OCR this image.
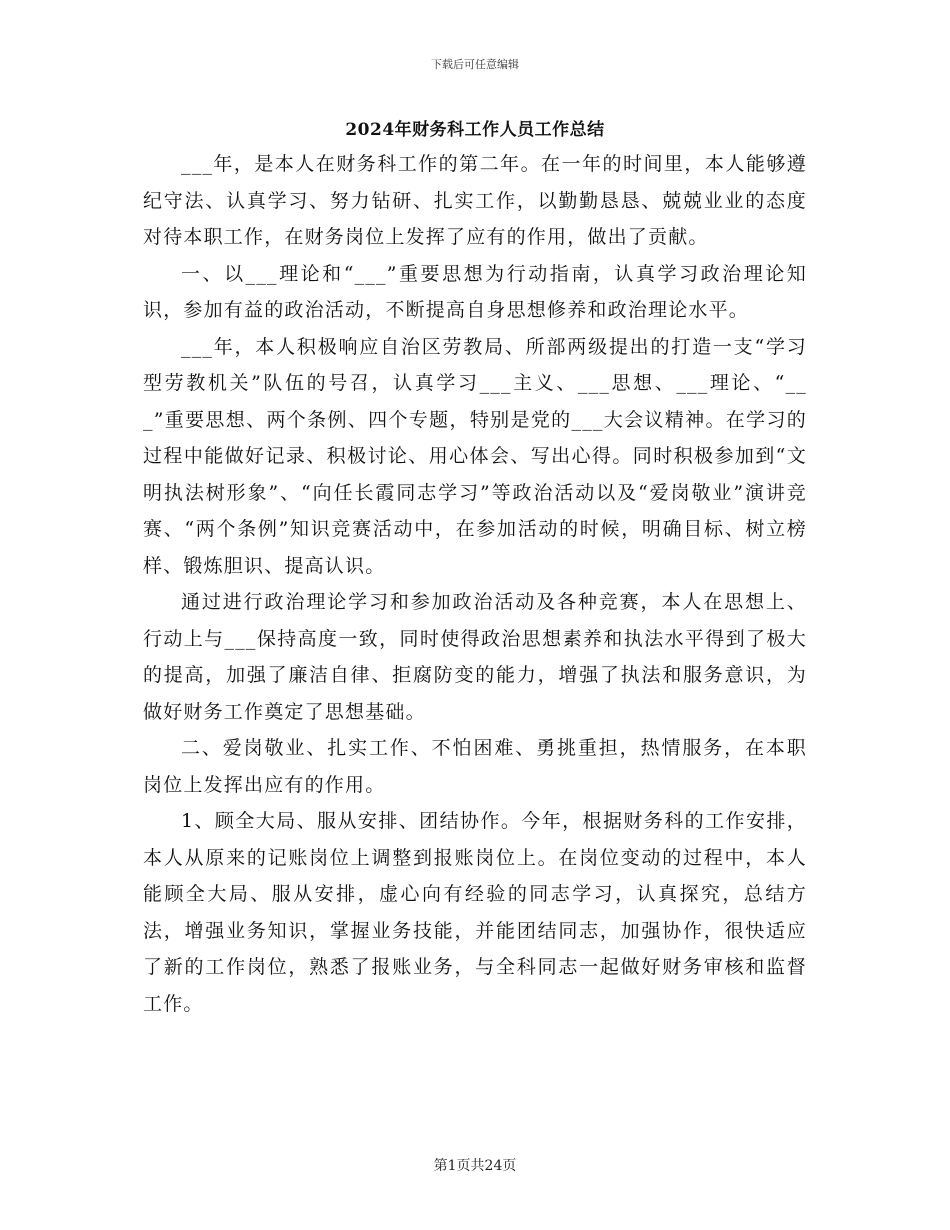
下载后可任意编辑
2024年财务科工作人员工作总结

___年，是本人在财务科工作的第二年。在一年的时间里，本人能够遵纪守法、认真学习、努力钻研、扎实工作，以勤勤恳恳、兢兢业业的态度对待本职工作，在财务岗位上发挥了应有的作用，做出了贡献。

一、以___理论和“___”重要思想为行动指南，认真学习政治理论知识，参加有益的政治活动，不断提高自身思想修养和政治理论水平。

___年，本人积极响应自治区劳教局、所部两级提出的打造一支“学习型劳教机关”队伍的号召，认真学习___主义、___思想、___理论、“___”重要思想、两个条例、四个专题，特别是党的___大会议精神。在学习的过程中能做好记录、积极讨论、用心体会、写出心得。同时积极参加到“文明执法树形象”、“向任长霞同志学习”等政治活动以及“爱岗敬业”演讲竞赛、“两个条例”知识竞赛活动中，在参加活动的时候，明确目标、树立榜样、锻炼胆识、提高认识。

通过进行政治理论学习和参加政治活动及各种竞赛，本人在思想上、行动上与___保持高度一致，同时使得政治思想素养和执法水平得到了极大的提高，加强了廉洁自律、拒腐防变的能力，增强了执法和服务意识，为做好财务工作奠定了思想基础。

二、爱岗敬业、扎实工作、不怕困难、勇挑重担，热情服务，在本职岗位上发挥出应有的作用。

1、顾全大局、服从安排、团结协作。今年，根据财务科的工作安排，本人从原来的记账岗位上调整到报账岗位上。在岗位变动的过程中，本人能顾全大局、服从安排，虚心向有经验的同志学习，认真探究，总结方法，增强业务知识，掌握业务技能，并能团结同志，加强协作，很快适应了新的工作岗位，熟悉了报账业务，与全科同志一起做好财务审核和监督工作。

第1页共24页
